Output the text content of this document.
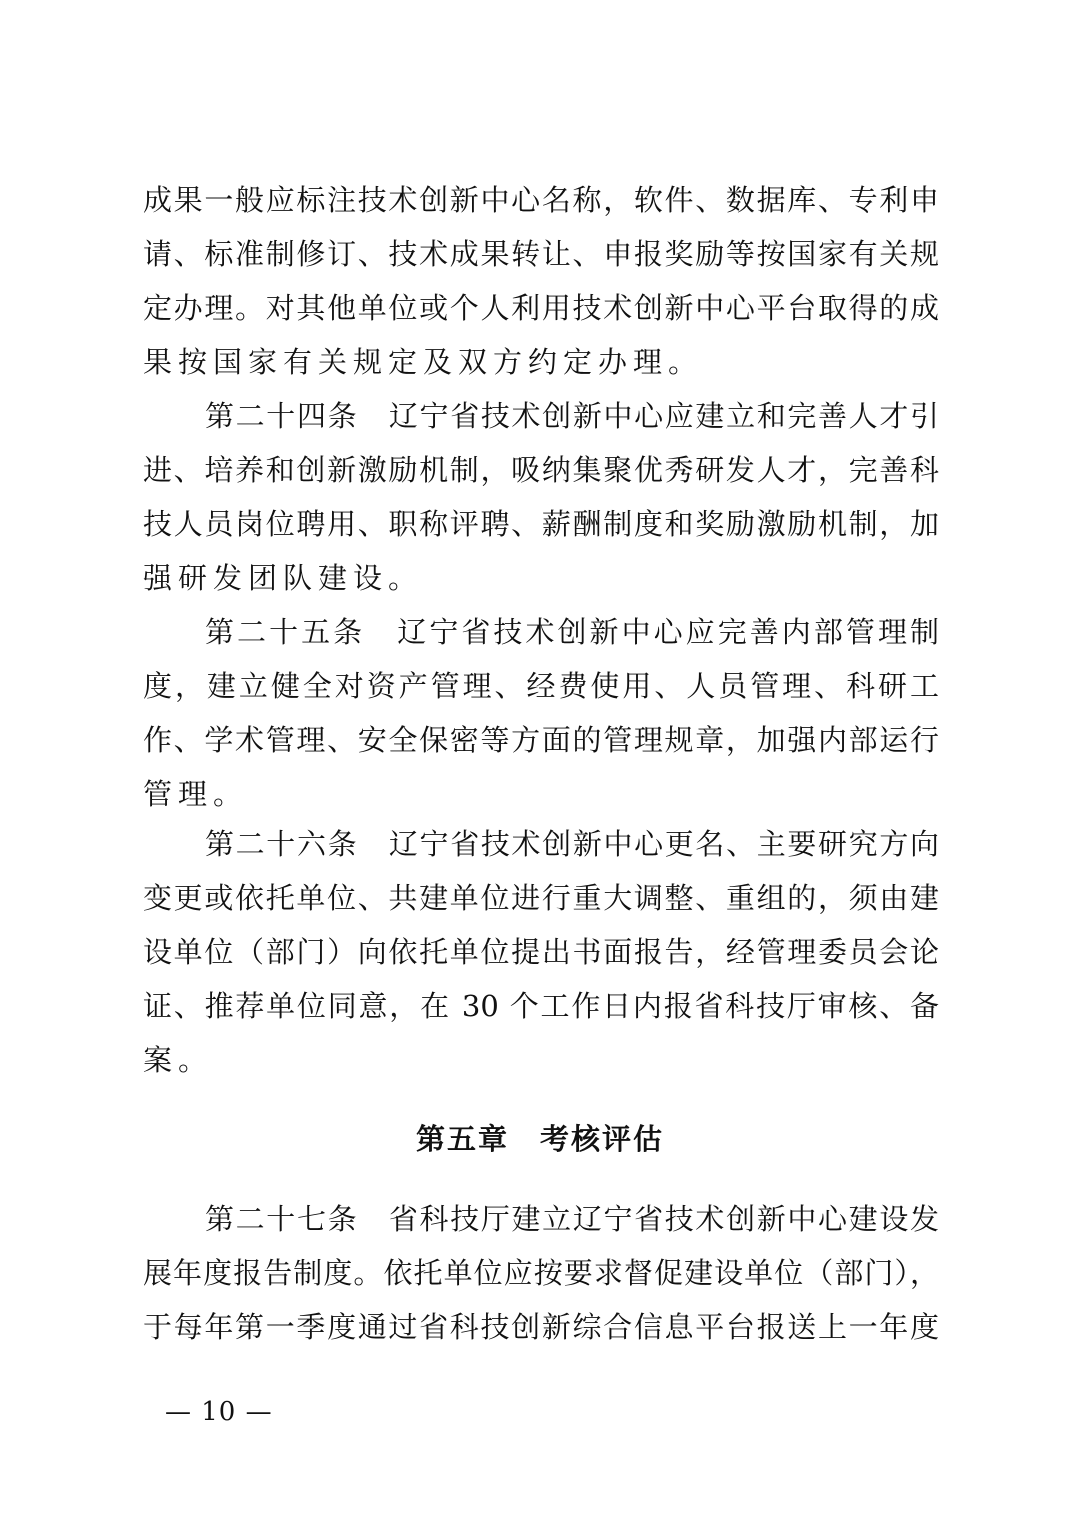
成果一般应标注技术创新中心名称，软件、数据库、专利申
请、标准制修订、技术成果转让、申报奖励等按国家有关规
定办理。对其他单位或个人利用技术创新中心平台取得的成
果按国家有关规定及双方约定办理。
第二十四条　辽宁省技术创新中心应建立和完善人才引
进、培养和创新激励机制，吸纳集聚优秀研发人才，完善科
技人员岗位聘用、职称评聘、薪酬制度和奖励激励机制，加
强研发团队建设。
第二十五条　辽宁省技术创新中心应完善内部管理制
度，建立健全对资产管理、经费使用、人员管理、科研工
作、学术管理、安全保密等方面的管理规章，加强内部运行
管理。
第二十六条　辽宁省技术创新中心更名、主要研究方向
变更或依托单位、共建单位进行重大调整、重组的，须由建
设单位（部门）向依托单位提出书面报告，经管理委员会论
证、推荐单位同意，在 30 个工作日内报省科技厅审核、备
案。
第五章　考核评估
第二十七条　省科技厅建立辽宁省技术创新中心建设发
展年度报告制度。依托单位应按要求督促建设单位（部门），
于每年第一季度通过省科技创新综合信息平台报送上一年度
— 10 —
